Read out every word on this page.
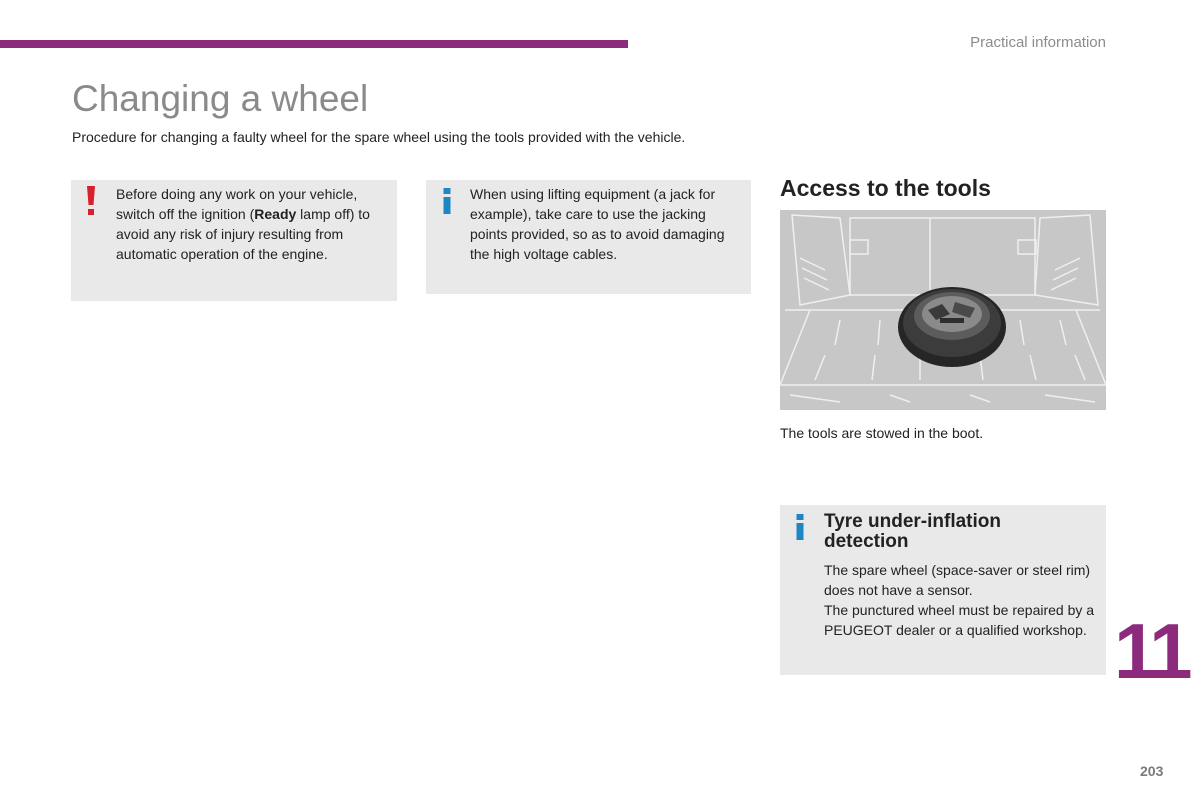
Practical information
Changing a wheel
Procedure for changing a faulty wheel for the spare wheel using the tools provided with the vehicle.
Before doing any work on your vehicle, switch off the ignition (Ready lamp off) to avoid any risk of injury resulting from automatic operation of the engine.
When using lifting equipment (a jack for example), take care to use the jacking points provided, so as to avoid damaging the high voltage cables.
Access to the tools
The tools are stowed in the boot.
Tyre under-inflation detection
The spare wheel (space-saver or steel rim) does not have a sensor.
The punctured wheel must be repaired by a PEUGEOT dealer or a qualified workshop. 11
203
